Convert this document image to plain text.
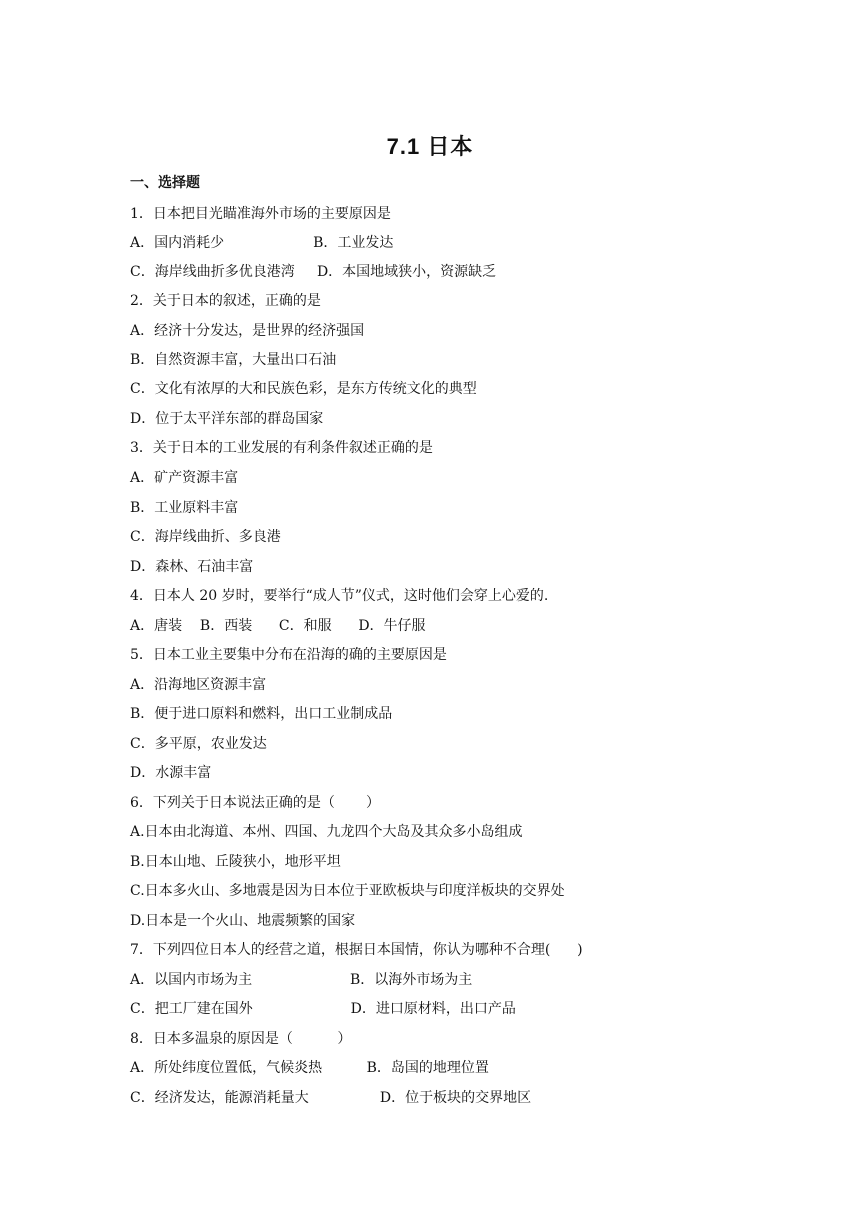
7.1 日本
一、选择题
1．日本把目光瞄准海外市场的主要原因是
A．国内消耗少                    B．工业发达
C．海岸线曲折多优良港湾     D．本国地域狭小，资源缺乏
2．关于日本的叙述，正确的是
A．经济十分发达，是世界的经济强国
B．自然资源丰富，大量出口石油
C．文化有浓厚的大和民族色彩，是东方传统文化的典型
D．位于太平洋东部的群岛国家
3．关于日本的工业发展的有利条件叙述正确的是
A．矿产资源丰富
B．工业原料丰富
C．海岸线曲折、多良港
D．森林、石油丰富
4．日本人 20 岁时，要举行“成人节”仪式，这时他们会穿上心爱的.
A．唐装    B．西装      C．和服      D．牛仔服
5．日本工业主要集中分布在沿海的确的主要原因是
A．沿海地区资源丰富
B．便于进口原料和燃料，出口工业制成品
C．多平原，农业发达
D．水源丰富
6．下列关于日本说法正确的是（       ）
A.日本由北海道、本州、四国、九龙四个大岛及其众多小岛组成
B.日本山地、丘陵狭小，地形平坦
C.日本多火山、多地震是因为日本位于亚欧板块与印度洋板块的交界处
D.日本是一个火山、地震频繁的国家
7．下列四位日本人的经营之道，根据日本国情，你认为哪种不合理(      )
A．以国内市场为主                      B．以海外市场为主
C．把工厂建在国外                      D．进口原材料，出口产品
8．日本多温泉的原因是（          ）
A．所处纬度位置低，气候炎热          B．岛国的地理位置
C．经济发达，能源消耗量大                D．位于板块的交界地区
